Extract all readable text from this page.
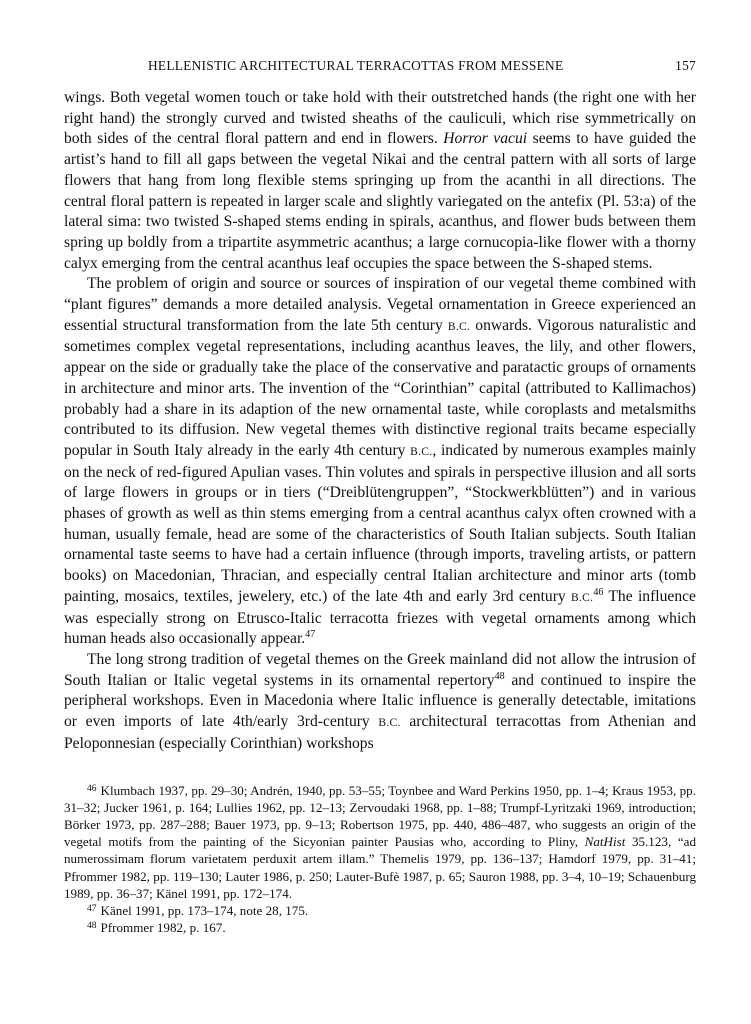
HELLENISTIC ARCHITECTURAL TERRACOTTAS FROM MESSENE	157

wings. Both vegetal women touch or take hold with their outstretched hands (the right one with her right hand) the strongly curved and twisted sheaths of the cauliculi, which rise symmetrically on both sides of the central floral pattern and end in flowers. Horror vacui seems to have guided the artist’s hand to fill all gaps between the vegetal Nikai and the central pattern with all sorts of large flowers that hang from long flexible stems springing up from the acanthi in all directions. The central floral pattern is repeated in larger scale and slightly variegated on the antefix (Pl. 53:a) of the lateral sima: two twisted S-shaped stems ending in spirals, acanthus, and flower buds between them spring up boldly from a tripartite asymmetric acanthus; a large cornucopia-like flower with a thorny calyx emerging from the central acanthus leaf occupies the space between the S-shaped stems.

The problem of origin and source or sources of inspiration of our vegetal theme combined with “plant figures” demands a more detailed analysis. Vegetal ornamentation in Greece experienced an essential structural transformation from the late 5th century B.C. onwards. Vigorous naturalistic and sometimes complex vegetal representations, including acanthus leaves, the lily, and other flowers, appear on the side or gradually take the place of the conservative and paratactic groups of ornaments in architecture and minor arts. The invention of the “Corinthian” capital (attributed to Kallimachos) probably had a share in its adaption of the new ornamental taste, while coroplasts and metalsmiths contributed to its diffusion. New vegetal themes with distinctive regional traits became especially popular in South Italy already in the early 4th century B.C., indicated by numerous examples mainly on the neck of red-figured Apulian vases. Thin volutes and spirals in perspective illusion and all sorts of large flowers in groups or in tiers (“Dreiblütengruppen”, “Stockwerkblütten”) and in various phases of growth as well as thin stems emerging from a central acanthus calyx often crowned with a human, usually female, head are some of the characteristics of South Italian subjects. South Italian ornamental taste seems to have had a certain influence (through imports, traveling artists, or pattern books) on Macedonian, Thracian, and especially central Italian architecture and minor arts (tomb painting, mosaics, textiles, jewelery, etc.) of the late 4th and early 3rd century B.C.$^{46}$ The influence was especially strong on Etrusco-Italic terracotta friezes with vegetal ornaments among which human heads also occasionally appear.$^{47}$

The long strong tradition of vegetal themes on the Greek mainland did not allow the intrusion of South Italian or Italic vegetal systems in its ornamental repertory$^{48}$ and continued to inspire the peripheral workshops. Even in Macedonia where Italic influence is generally detectable, imitations or even imports of late 4th/early 3rd-century B.C. architectural terracottas from Athenian and Peloponnesian (especially Corinthian) workshops

$^{46}$ Klumbach 1937, pp. 29–30; Andrén, 1940, pp. 53–55; Toynbee and Ward Perkins 1950, pp. 1–4; Kraus 1953, pp. 31–32; Jucker 1961, p. 164; Lullies 1962, pp. 12–13; Zervoudaki 1968, pp. 1–88; Trumpf-Lyritzaki 1969, introduction; Börker 1973, pp. 287–288; Bauer 1973, pp. 9–13; Robertson 1975, pp. 440, 486–487, who suggests an origin of the vegetal motifs from the painting of the Sicyonian painter Pausias who, according to Pliny, NatHist 35.123, “ad numerossimam florum varietatem perduxit artem illam.” Themelis 1979, pp. 136–137; Hamdorf 1979, pp. 31–41; Pfrommer 1982, pp. 119–130; Lauter 1986, p. 250; Lauter-Bufè 1987, p. 65; Sauron 1988, pp. 3–4, 10–19; Schauenburg 1989, pp. 36–37; Känel 1991, pp. 172–174.

$^{47}$ Känel 1991, pp. 173–174, note 28, 175.

$^{48}$ Pfrommer 1982, p. 167.
